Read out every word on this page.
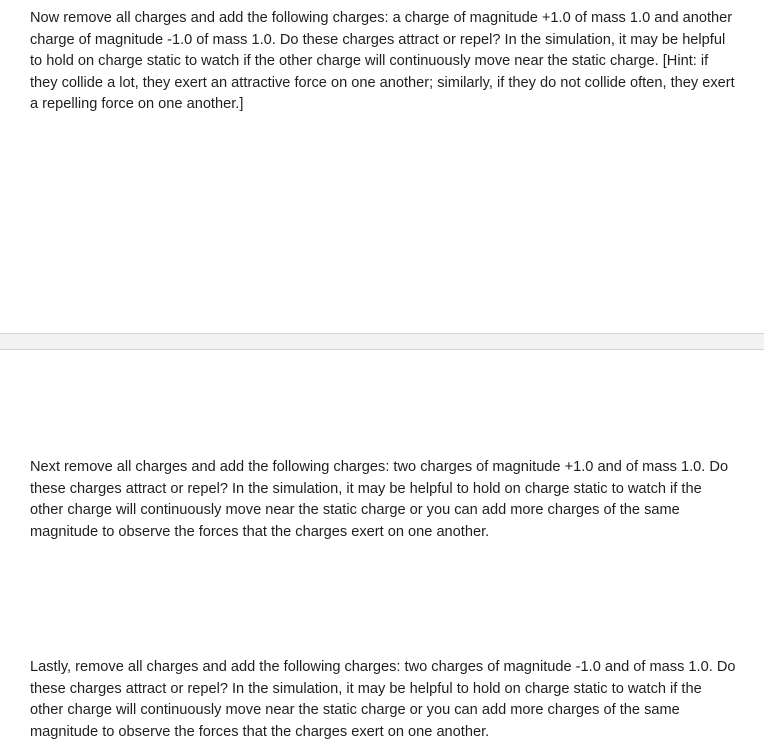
Now remove all charges and add the following charges: a charge of magnitude +1.0 of mass 1.0 and another charge of magnitude -1.0 of mass 1.0. Do these charges attract or repel? In the simulation, it may be helpful to hold on charge static to watch if the other charge will continuously move near the static charge. [Hint: if they collide a lot, they exert an attractive force on one another; similarly, if they do not collide often, they exert a repelling force on one another.]

Next remove all charges and add the following charges: two charges of magnitude +1.0 and of mass 1.0. Do these charges attract or repel? In the simulation, it may be helpful to hold on charge static to watch if the other charge will continuously move near the static charge or you can add more charges of the same magnitude to observe the forces that the charges exert on one another.

Lastly, remove all charges and add the following charges: two charges of magnitude -1.0 and of mass 1.0. Do these charges attract or repel? In the simulation, it may be helpful to hold on charge static to watch if the other charge will continuously move near the static charge or you can add more charges of the same magnitude to observe the forces that the charges exert on one another.
